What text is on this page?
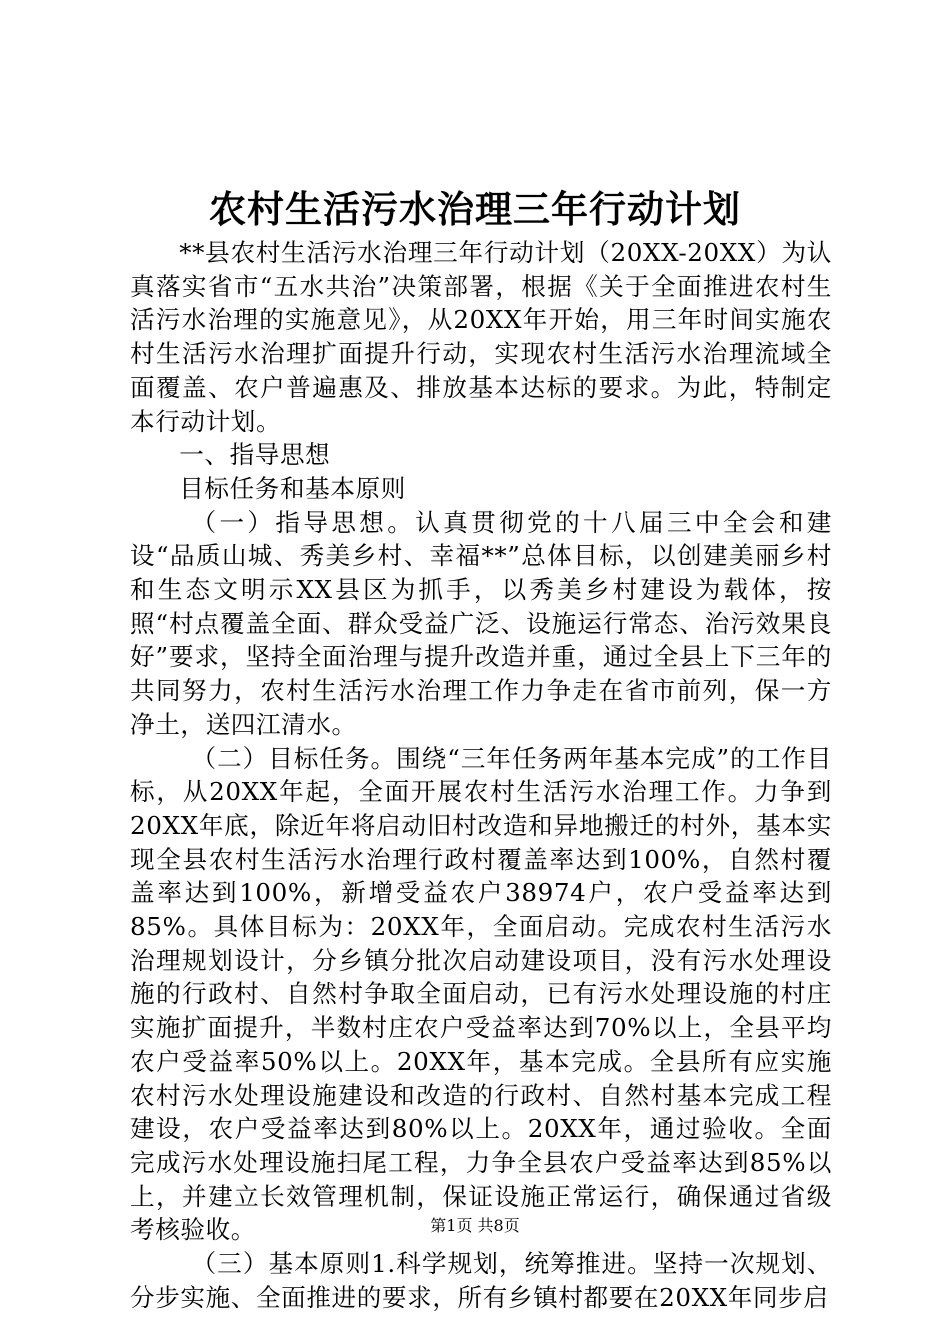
农村生活污水治理三年行动计划

**县农村生活污水治理三年行动计划（20XX-20XX）为认真落实省市“五水共治”决策部署，根据《关于全面推进农村生活污水治理的实施意见》，从20XX年开始，用三年时间实施农村生活污水治理扩面提升行动，实现农村生活污水治理流域全面覆盖、农户普遍惠及、排放基本达标的要求。为此，特制定本行动计划。

一、指导思想

目标任务和基本原则

（一）指导思想。认真贯彻党的十八届三中全会和建设“品质山城、秀美乡村、幸福**”总体目标，以创建美丽乡村和生态文明示XX县区为抓手，以秀美乡村建设为载体，按照“村点覆盖全面、群众受益广泛、设施运行常态、治污效果良好”要求，坚持全面治理与提升改造并重，通过全县上下三年的共同努力，农村生活污水治理工作力争走在省市前列，保一方净土，送四江清水。

（二）目标任务。围绕“三年任务两年基本完成”的工作目标，从20XX年起，全面开展农村生活污水治理工作。力争到20XX年底，除近年将启动旧村改造和异地搬迁的村外，基本实现全县农村生活污水治理行政村覆盖率达到100%，自然村覆盖率达到100%，新增受益农户38974户，农户受益率达到85%。具体目标为：20XX年，全面启动。完成农村生活污水治理规划设计，分乡镇分批次启动建设项目，没有污水处理设施的行政村、自然村争取全面启动，已有污水处理设施的村庄实施扩面提升，半数村庄农户受益率达到70%以上，全县平均农户受益率50%以上。20XX年，基本完成。全县所有应实施农村污水处理设施建设和改造的行政村、自然村基本完成工程建设，农户受益率达到80%以上。20XX年，通过验收。全面完成污水处理设施扫尾工程，力争全县农户受益率达到85%以上，并建立长效管理机制，保证设施正常运行，确保通过省级考核验收。

（三）基本原则1.科学规划，统筹推进。坚持一次规划、分步实施、全面推进的要求，所有乡镇村都要在20XX年同步启

第1页 共8页
